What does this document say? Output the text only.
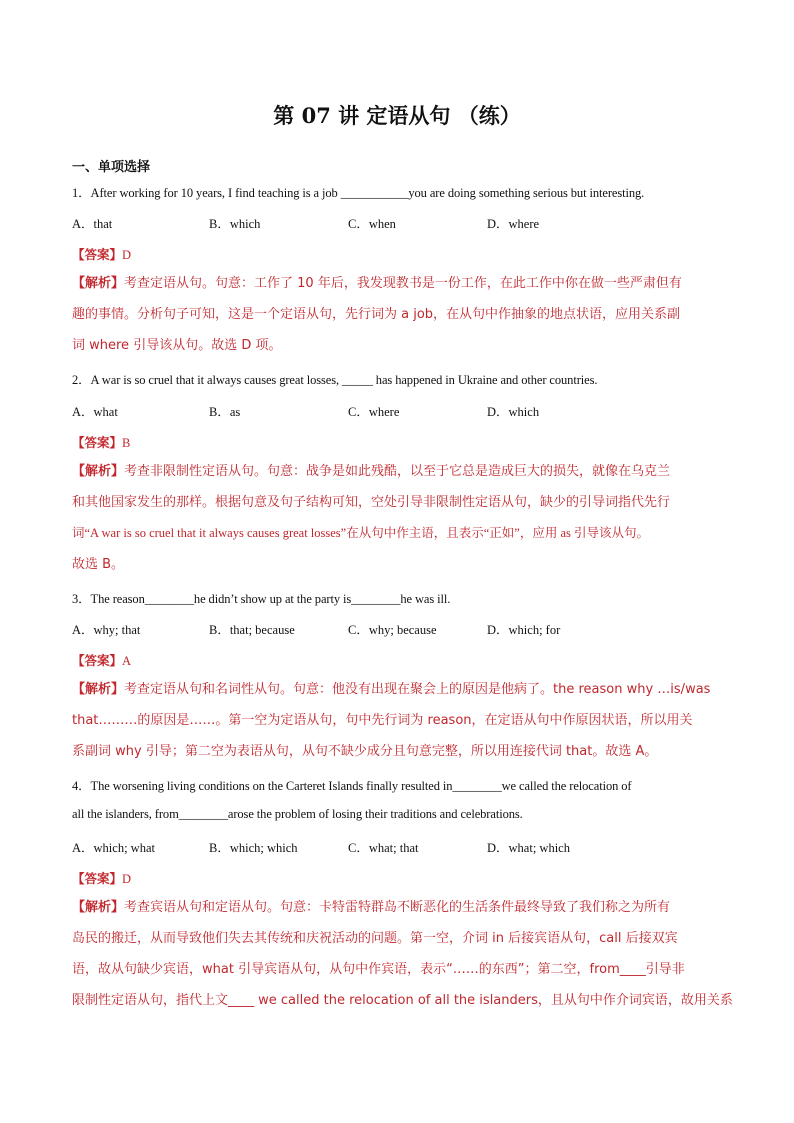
第 07 讲 定语从句 （练）
一、单项选择
1．After working for 10 years, I find teaching is a job ___________you are doing something serious but interesting.
A．that	B．which	C．when	D．where
【答案】D
【解析】考查定语从句。句意：工作了 10 年后，我发现教书是一份工作，在此工作中你在做一些严肃但有
趣的事情。分析句子可知，这是一个定语从句，先行词为 a job，在从句中作抽象的地点状语，应用关系副
词 where 引导该从句。故选 D 项。
2．A war is so cruel that it always causes great losses, _____ has happened in Ukraine and other countries.
A．what	B．as	C．where	D．which
【答案】B
【解析】考查非限制性定语从句。句意：战争是如此残酷，以至于它总是造成巨大的损失，就像在乌克兰
和其他国家发生的那样。根据句意及句子结构可知，空处引导非限制性定语从句，缺少的引导词指代先行
词“A war is so cruel that it always causes great losses”在从句中作主语，且表示“正如”，应用 as 引导该从句。
故选 B。
3．The reason________he didn’t show up at the party is________he was ill.
A．why; that	B．that; because	C．why; because	D．which; for
【答案】A
【解析】考查定语从句和名词性从句。句意：他没有出现在聚会上的原因是他病了。the reason why …is/was
that………的原因是……。第一空为定语从句，句中先行词为 reason，在定语从句中作原因状语，所以用关
系副词 why 引导；第二空为表语从句，从句不缺少成分且句意完整，所以用连接代词 that。故选 A。
4．The worsening living conditions on the Carteret Islands finally resulted in________we called the relocation of
all the islanders, from________arose the problem of losing their traditions and celebrations.
A．which; what	B．which; which	C．what; that	D．what; which
【答案】D
【解析】考查宾语从句和定语从句。句意：卡特雷特群岛不断恶化的生活条件最终导致了我们称之为所有
岛民的搬迁，从而导致他们失去其传统和庆祝活动的问题。第一空，介词 in 后接宾语从句，call 后接双宾
语，故从句缺少宾语，what 引导宾语从句，从句中作宾语，表示“……的东西”；第二空，from____引导非
限制性定语从句，指代上文____ we called the relocation of all the islanders，且从句中作介词宾语，故用关系
